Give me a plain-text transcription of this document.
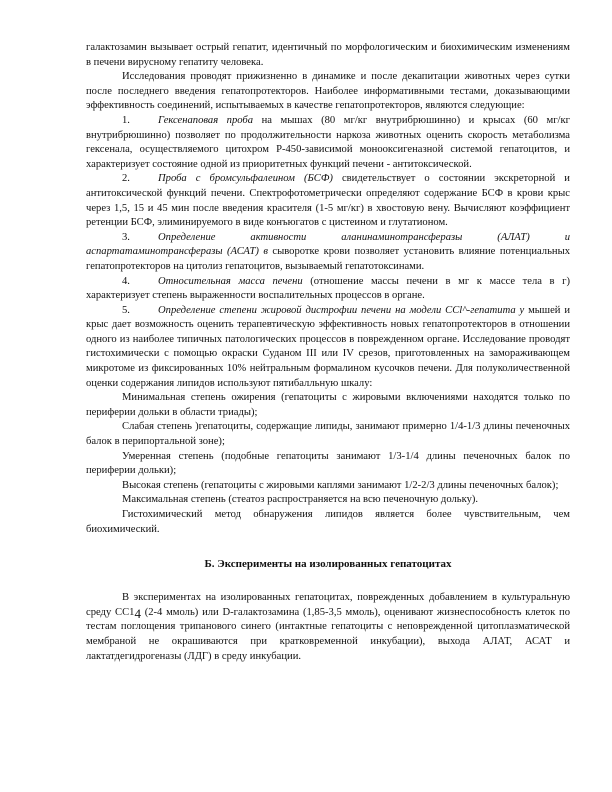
галактозамин вызывает острый гепатит, идентичный по морфологическим и биохимическим изменениям в печени вирусному гепатиту человека.

Исследования проводят прижизненно в динамике и после декапитации животных через сутки после последнего введения гепатопротекторов. Наиболее информативными тестами, доказывающими эффективность соединений, испытываемых в качестве гепатопротекторов, являются следующие:

1.	Гексенаповая проба на мышах (80 мг/кг внутрибрюшинно) и крысах (60 мг/кг внутрибрюшинно) позволяет по продолжительности наркоза животных оценить скорость метаболизма гексенала, осуществляемого цитохром Р-450-зависимой монооксигеназной системой гепатоцитов, и характеризует состояние одной из приоритетных функций печени - антитоксической.

2.	Проба с бромсульфалеином (БСФ) свидетельствует о состоянии экскреторной и антитоксической функций печени. Спектрофотометрически определяют содержание БСФ в крови крыс через 1,5, 15 и 45 мин после введения красителя (1-5 мг/кг) в хвостовую вену. Вычисляют коэффициент ретенции БСФ, элиминируемого в виде конъюгатов с цистеином и глутатионом.

3.	Определение активности аланинаминотрансферазы (АЛАТ) и аспартатаминотрансферазы (АСАТ) в сыворотке крови позволяет установить влияние потенциальных гепатопротекторов на цитолиз гепатоцитов, вызываемый гепатотоксинами.

4.	Относительная масса печени (отношение массы печени в мг к массе тела в г) характеризует степень выраженности воспалительных процессов в органе.

5.	Определение степени жировой дистрофии печени на модели CCl^-гепатита у мышей и крыс дает возможность оценить терапевтическую эффективность новых гепатопротекторов в отношении одного из наиболее типичных патологических процессов в поврежденном органе. Исследование проводят гистохимически с помощью окраски Суданом III или IV срезов, приготовленных на замораживающем микротоме из фиксированных 10% нейтральным формалином кусочков печени. Для полуколичественной оценки содержания липидов используют пятибалльную шкалу:

Минимальная степень ожирения (гепатоциты с жировыми включениями находятся только по периферии дольки в области триады);

Слабая степень )гепатоциты, содержащие липиды, занимают примерно 1/4-1/3 длины печеночных балок в перипортальной зоне);

Умеренная степень (подобные гепатоциты занимают 1/3-1/4 длины печеночных балок по периферии дольки);

Высокая степень (гепатоциты с жировыми каплями занимают 1/2-2/3 длины печеночных балок);

Максимальная степень (стеатоз распространяется на всю печеночную дольку).

Гистохимический метод обнаружения липидов является более чувствительным, чем биохимический.

Б. Эксперименты на изолированных гепатоцитах

В экспериментах на изолированных гепатоцитах, поврежденных добавлением в культуральную среду СС14 (2-4 ммоль) или D-галактозамина (1,85-3,5 ммоль), оценивают жизнеспособность клеток по тестам поглощения трипанового синего (интактные гепатоциты с неповрежденной цитоплазматической мембраной не окрашиваются при кратковременной инкубации), выхода АЛАТ, АСАТ и лактатдегидрогеназы (ЛДГ) в среду инкубации.
